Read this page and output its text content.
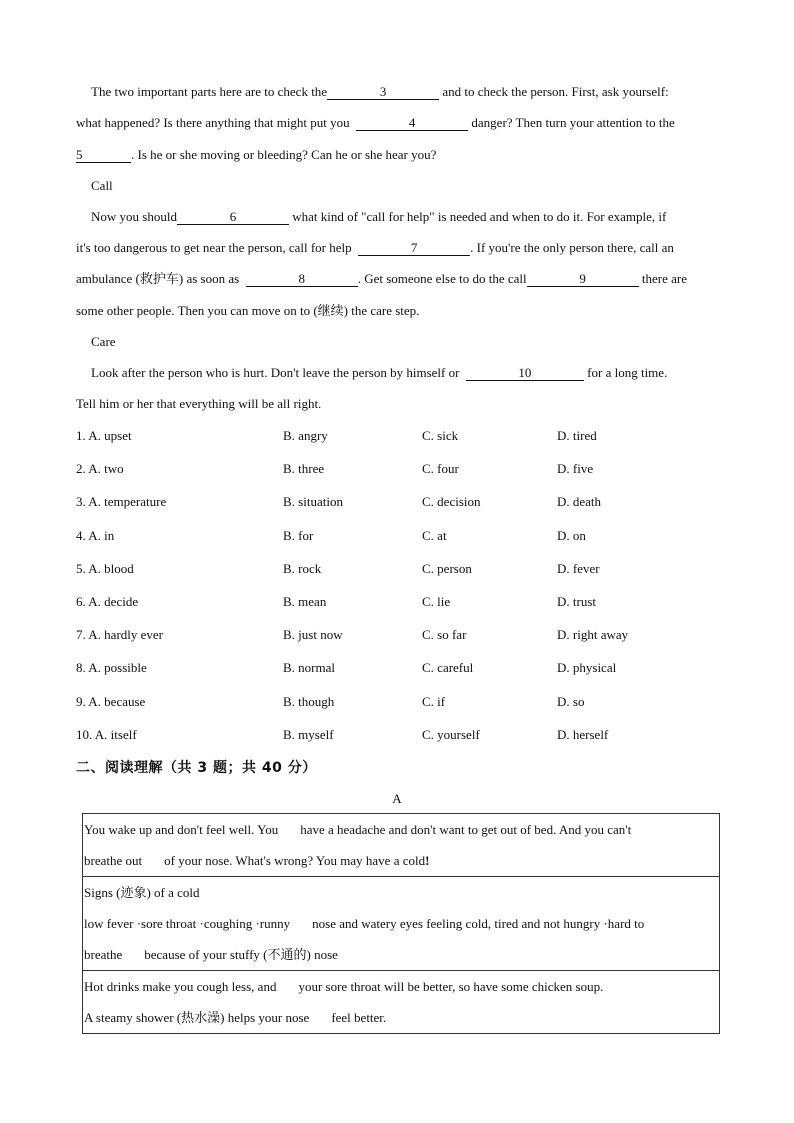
The two important parts here are to check the	3	and to check the person. First, ask yourself:
what happened? Is there anything that might put you	4	danger? Then turn your attention to the
5	. Is he or she moving or bleeding? Can he or she hear you?
Call
Now you should	6	what kind of "call for help" is needed and when to do it. For example, if
it's too dangerous to get near the person, call for help	7	. If you're the only person there, call an
ambulance (救护车) as soon as	8	. Get someone else to do the call	9	there are
some other people. Then you can move on to (继续) the care step.
Care
Look after the person who is hurt. Don't leave the person by himself or	10	for a long time.
Tell him or her that everything will be all right.
1. A. upset	B. angry	C. sick	D. tired
2. A. two	B. three	C. four	D. five
3. A. temperature	B. situation	C. decision	D. death
4. A. in	B. for	C. at	D. on
5. A. blood	B. rock	C. person	D. fever
6. A. decide	B. mean	C. lie	D. trust
7. A. hardly ever	B. just now	C. so far	D. right away
8. A. possible	B. normal	C. careful	D. physical
9. A. because	B. though	C. if	D. so
10. A. itself	B. myself	C. yourself	D. herself
二、阅读理解（共 3 题；共 40 分）
A
You wake up and don't feel well. You have a headache and don't want to get out of bed. And you can't
breathe out of your nose. What's wrong? You may have a cold!

Signs (迹象) of a cold
low fever ·sore throat ·coughing ·runny nose and watery eyes feeling cold, tired and not hungry ·hard to
breathe because of your stuffy (不通的) nose

Hot drinks make you cough less, and your sore throat will be better, so have some chicken soup.
A steamy shower (热水澡) helps your nose feel better.
